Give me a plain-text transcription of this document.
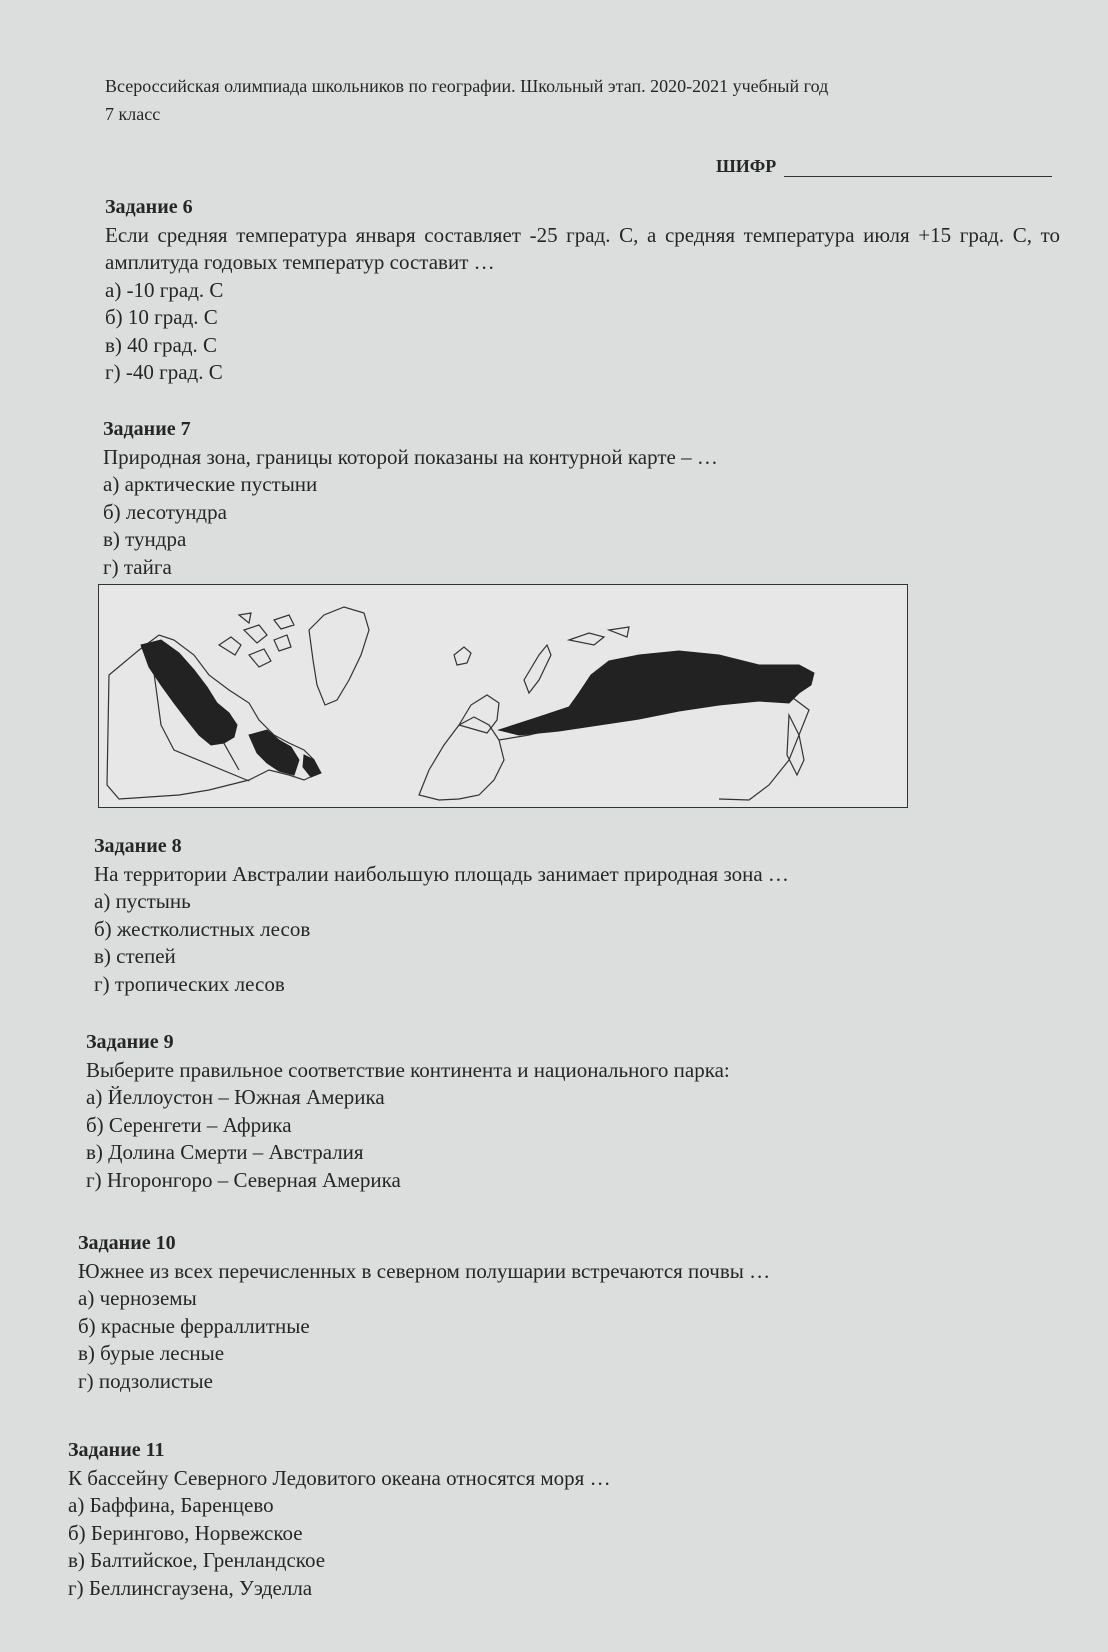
Всероссийская олимпиада школьников по географии. Школьный этап. 2020-2021 учебный год
7 класс
ШИФР
Задание 6
Если средняя температура января составляет -25 град. С, а средняя температура июля +15 град. С, то амплитуда годовых температур составит …
а) -10 град. С
б) 10 град. С
в) 40 град. С
г) -40 град. С
Задание 7
Природная зона, границы которой показаны на контурной карте – …
а) арктические пустыни
б) лесотундра
в) тундра
г) тайга
Задание 8
На территории Австралии наибольшую площадь занимает природная зона …
а) пустынь
б) жестколистных лесов
в) степей
г) тропических лесов
Задание 9
Выберите правильное соответствие континента и национального парка:
а) Йеллоустон – Южная Америка
б) Серенгети – Африка
в) Долина Смерти – Австралия
г) Нгоронгоро – Северная Америка
Задание 10
Южнее из всех перечисленных в северном полушарии встречаются почвы …
а) черноземы
б) красные ферраллитные
в) бурые лесные
г) подзолистые
Задание 11
К бассейну Северного Ледовитого океана относятся моря …
а) Баффина, Баренцево
б) Берингово, Норвежское
в) Балтийское, Гренландское
г) Беллинсгаузена, Уэделла
